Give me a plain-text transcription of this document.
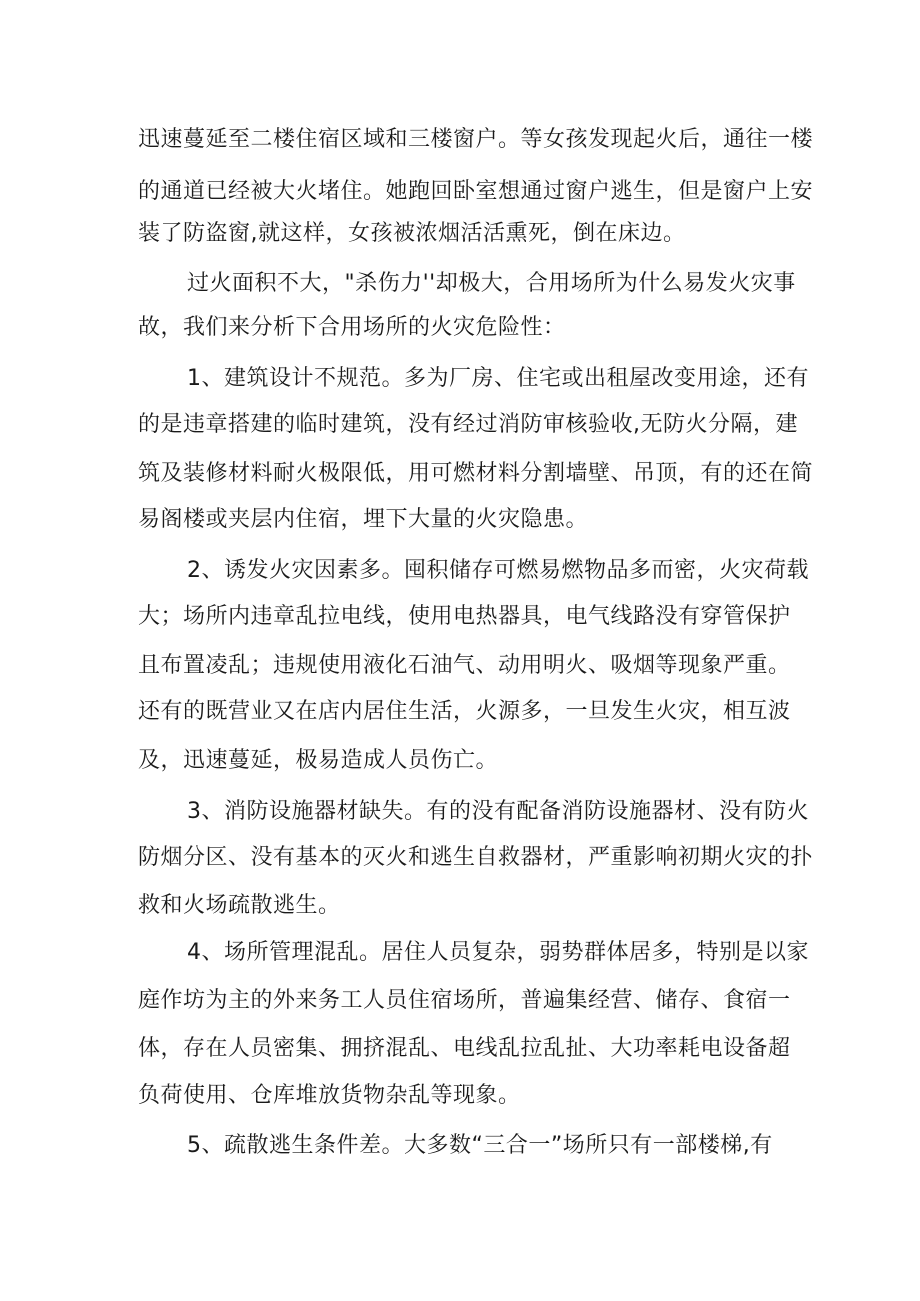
迅速蔓延至二楼住宿区域和三楼窗户。等女孩发现起火后，通往一楼
的通道已经被大火堵住。她跑回卧室想通过窗户逃生，但是窗户上安
装了防盗窗,就这样，女孩被浓烟活活熏死，倒在床边。
过火面积不大，"杀伤力''却极大，合用场所为什么易发火灾事
故，我们来分析下合用场所的火灾危险性：
1、建筑设计不规范。多为厂房、住宅或出租屋改变用途，还有
的是违章搭建的临时建筑，没有经过消防审核验收,无防火分隔，建
筑及装修材料耐火极限低，用可燃材料分割墙壁、吊顶，有的还在简
易阁楼或夹层内住宿，埋下大量的火灾隐患。
2、诱发火灾因素多。囤积储存可燃易燃物品多而密，火灾荷载
大；场所内违章乱拉电线，使用电热器具，电气线路没有穿管保护
且布置凌乱；违规使用液化石油气、动用明火、吸烟等现象严重。
还有的既营业又在店内居住生活，火源多，一旦发生火灾，相互波
及，迅速蔓延，极易造成人员伤亡。
3、消防设施器材缺失。有的没有配备消防设施器材、没有防火
防烟分区、没有基本的灭火和逃生自救器材，严重影响初期火灾的扑
救和火场疏散逃生。
4、场所管理混乱。居住人员复杂，弱势群体居多，特别是以家
庭作坊为主的外来务工人员住宿场所，普遍集经营、储存、食宿一
体，存在人员密集、拥挤混乱、电线乱拉乱扯、大功率耗电设备超
负荷使用、仓库堆放货物杂乱等现象。
5、疏散逃生条件差。大多数“三合一”场所只有一部楼梯,有
